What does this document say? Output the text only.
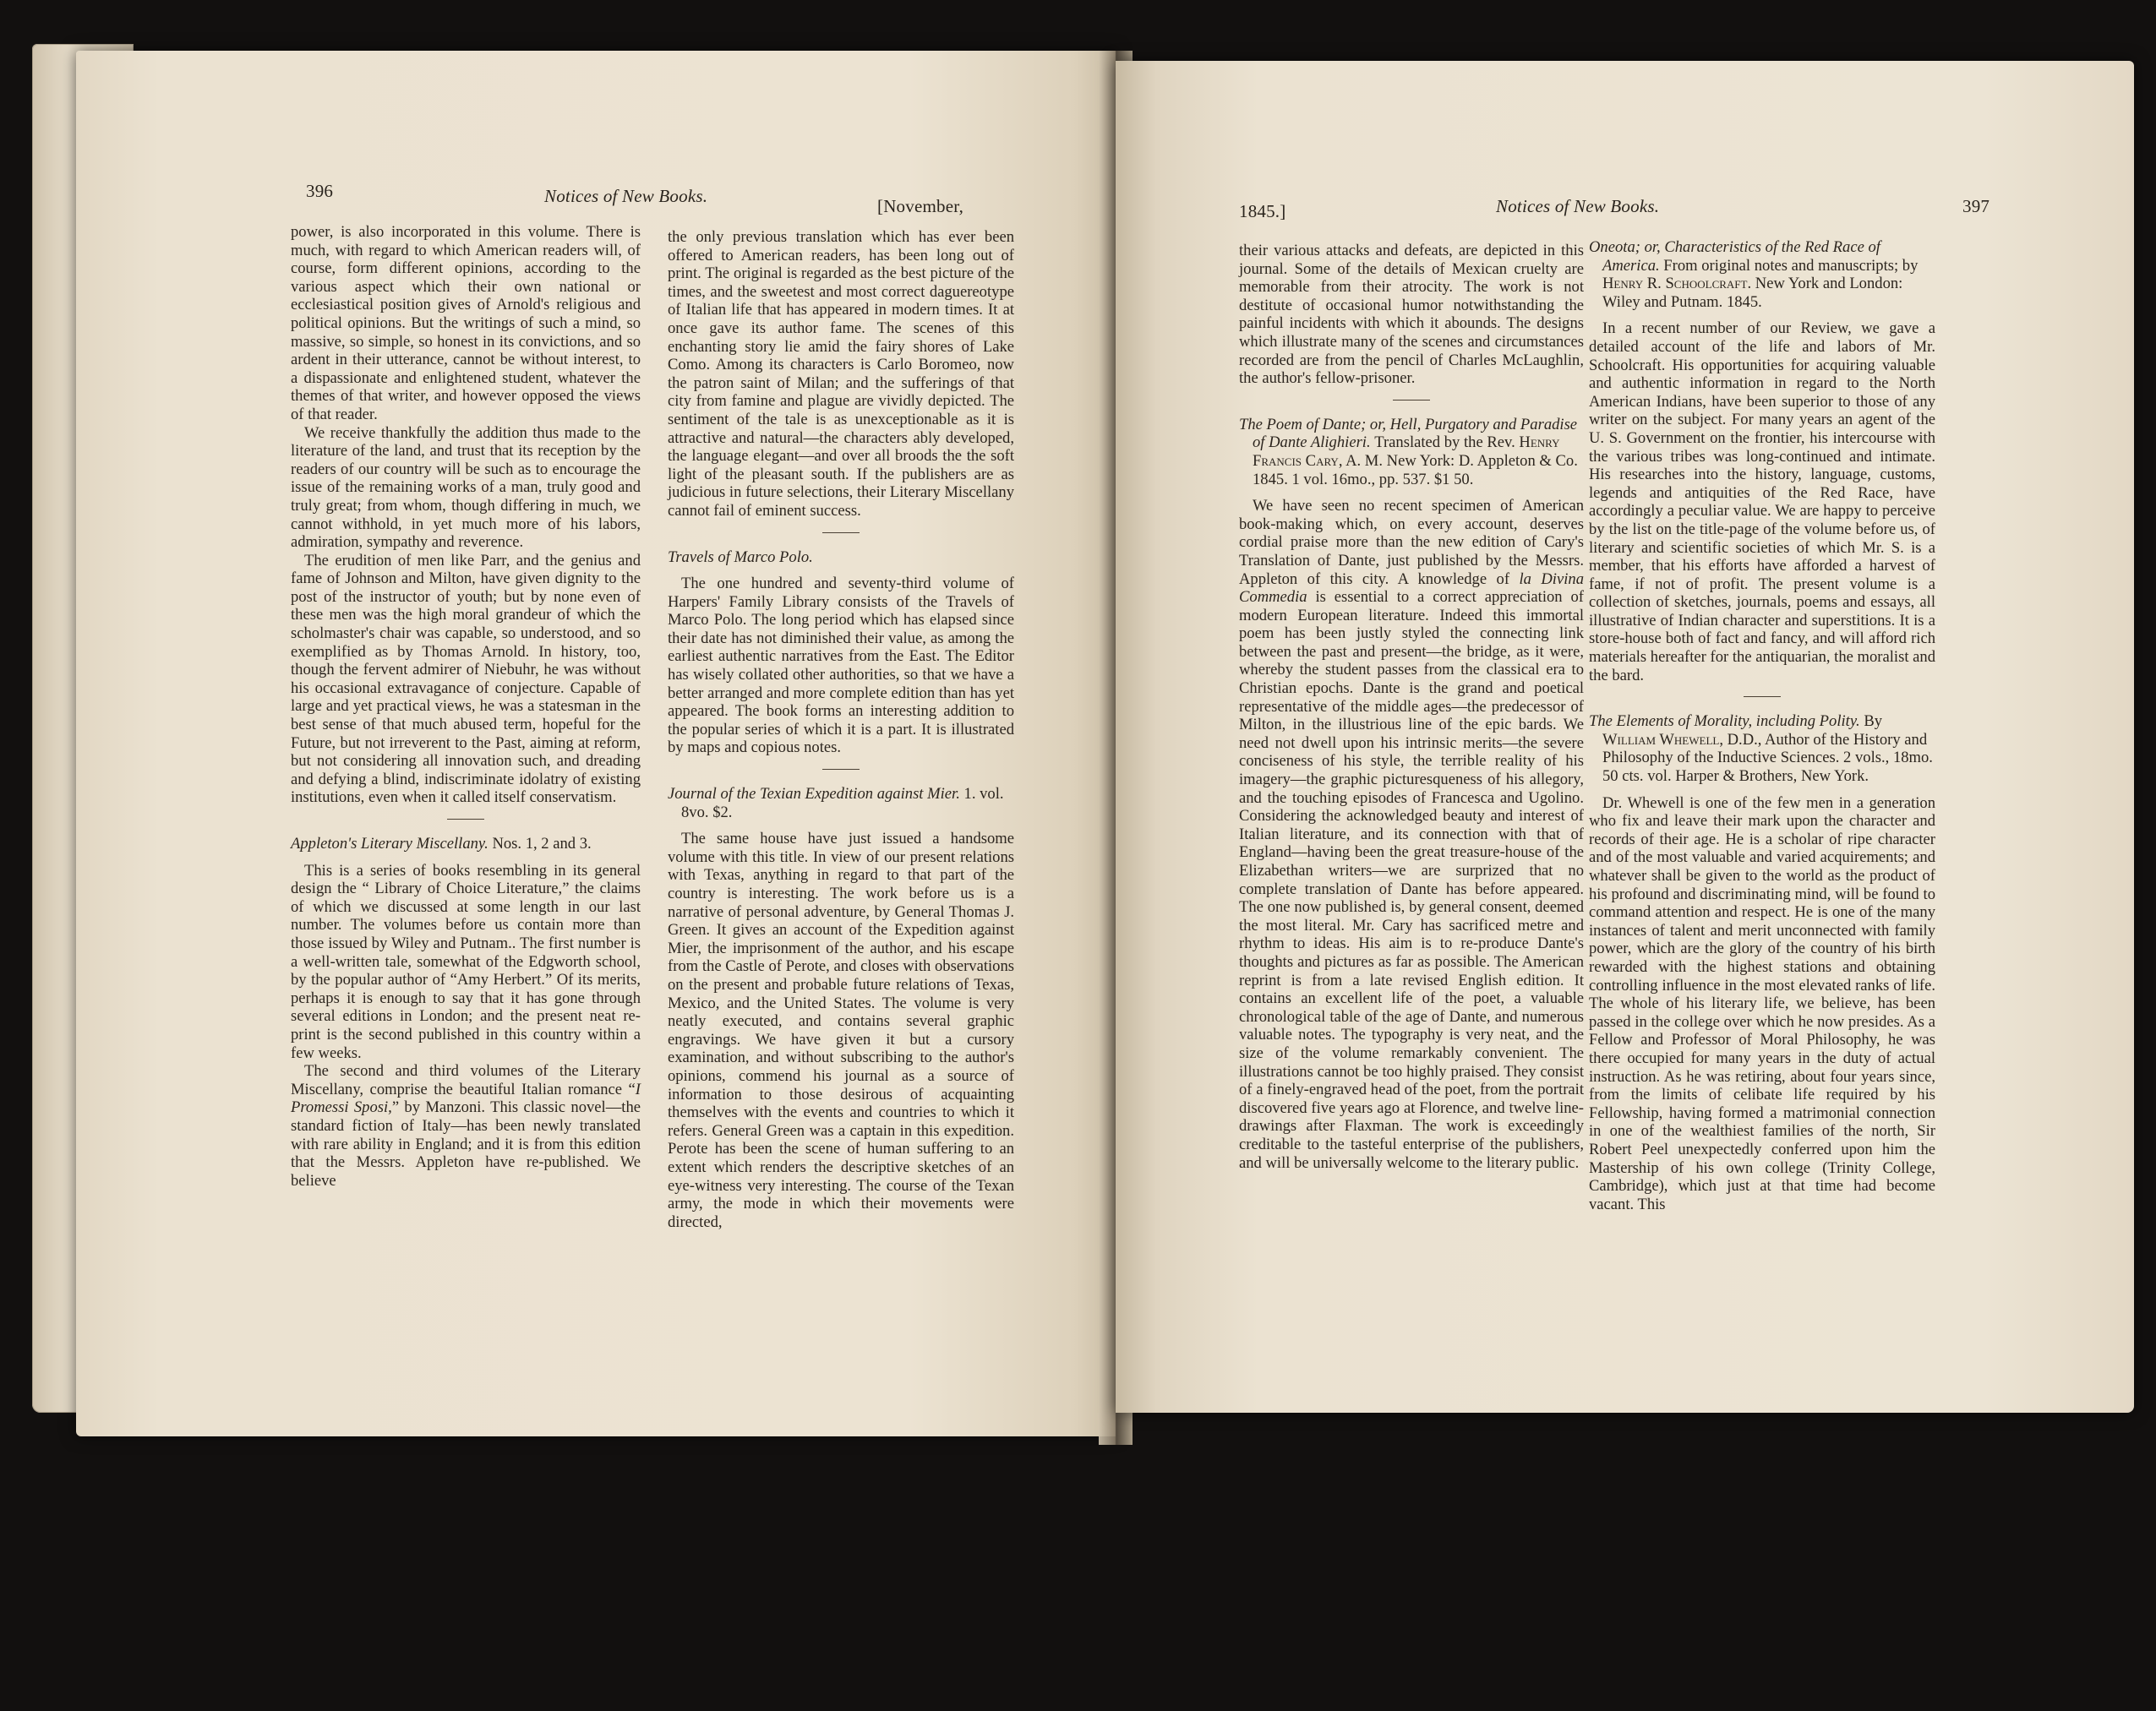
396	Notices of New Books.	[November,

power, is also incorporated in this volume. There is much, with regard to which American readers will, of course, form different opinions, according to the various aspect which their own national or ecclesiastical position gives of Arnold's religious and political opinions. But the writings of such a mind, so massive, so simple, so honest in its convictions, and so ardent in their utterance, cannot be without interest, to a dispassionate and enlightened student, whatever the themes of that writer, and however opposed the views of that reader.

We receive thankfully the addition thus made to the literature of the land, and trust that its reception by the readers of our country will be such as to encourage the issue of the remaining works of a man, truly good and truly great; from whom, though differing in much, we cannot withhold, in yet much more of his labors, admiration, sympathy and reverence.

The erudition of men like Parr, and the genius and fame of Johnson and Milton, have given dignity to the post of the instructor of youth; but by none even of these men was the high moral grandeur of which the scholmaster's chair was capable, so understood, and so exemplified as by Thomas Arnold. In history, too, though the fervent admirer of Niebuhr, he was without his occasional extravagance of conjecture. Capable of large and yet practical views, he was a statesman in the best sense of that much abused term, hopeful for the Future, but not irreverent to the Past, aiming at reform, but not considering all innovation such, and dreading and defying a blind, indiscriminate idolatry of existing institutions, even when it called itself conservatism.

Appleton's Literary Miscellany. Nos. 1, 2 and 3.

This is a series of books resembling in its general design the “ Library of Choice Literature,” the claims of which we discussed at some length in our last number. The volumes before us contain more than those issued by Wiley and Putnam.. The first number is a well-written tale, somewhat of the Edgworth school, by the popular author of “Amy Herbert.” Of its merits, perhaps it is enough to say that it has gone through several editions in London; and the present neat re-print is the second published in this country within a few weeks.

The second and third volumes of the Literary Miscellany, comprise the beautiful Italian romance “I Promessi Sposi,” by Manzoni. This classic novel—the standard fiction of Italy—has been newly translated with rare ability in England; and it is from this edition that the Messrs. Appleton have re-published. We believe

the only previous translation which has ever been offered to American readers, has been long out of print. The original is regarded as the best picture of the times, and the sweetest and most correct daguereotype of Italian life that has appeared in modern times. It at once gave its author fame. The scenes of this enchanting story lie amid the fairy shores of Lake Como. Among its characters is Carlo Boromeo, now the patron saint of Milan; and the sufferings of that city from famine and plague are vividly depicted. The sentiment of the tale is as unexceptionable as it is attractive and natural—the characters ably developed, the language elegant—and over all broods the the soft light of the pleasant south. If the publishers are as judicious in future selections, their Literary Miscellany cannot fail of eminent success.

Travels of Marco Polo.

The one hundred and seventy-third volume of Harpers' Family Library consists of the Travels of Marco Polo. The long period which has elapsed since their date has not diminished their value, as among the earliest authentic narratives from the East. The Editor has wisely collated other authorities, so that we have a better arranged and more complete edition than has yet appeared. The book forms an interesting addition to the popular series of which it is a part. It is illustrated by maps and copious notes.

Journal of the Texian Expedition against Mier. 1. vol. 8vo. $2.

The same house have just issued a handsome volume with this title. In view of our present relations with Texas, anything in regard to that part of the country is interesting. The work before us is a narrative of personal adventure, by General Thomas J. Green. It gives an account of the Expedition against Mier, the imprisonment of the author, and his escape from the Castle of Perote, and closes with observations on the present and probable future relations of Texas, Mexico, and the United States. The volume is very neatly executed, and contains several graphic engravings. We have given it but a cursory examination, and without subscribing to the author's opinions, commend his journal as a source of information to those desirous of acquainting themselves with the events and countries to which it refers. General Green was a captain in this expedition. Perote has been the scene of human suffering to an extent which renders the descriptive sketches of an eye-witness very interesting. The course of the Texan army, the mode in which their movements were directed,

1845.]	Notices of New Books.	397

their various attacks and defeats, are depicted in this journal. Some of the details of Mexican cruelty are memorable from their atrocity. The work is not destitute of occasional humor notwithstanding the painful incidents with which it abounds. The designs which illustrate many of the scenes and circumstances recorded are from the pencil of Charles McLaughlin, the author's fellow-prisoner.

The Poem of Dante; or, Hell, Purgatory and Paradise of Dante Alighieri. Translated by the Rev. Henry Francis Cary, A. M. New York: D. Appleton & Co. 1845. 1 vol. 16mo., pp. 537. $1 50.

We have seen no recent specimen of American book-making which, on every account, deserves cordial praise more than the new edition of Cary's Translation of Dante, just published by the Messrs. Appleton of this city. A knowledge of la Divina Commedia is essential to a correct appreciation of modern European literature. Indeed this immortal poem has been justly styled the connecting link between the past and present—the bridge, as it were, whereby the student passes from the classical era to Christian epochs. Dante is the grand and poetical representative of the middle ages—the predecessor of Milton, in the illustrious line of the epic bards. We need not dwell upon his intrinsic merits—the severe conciseness of his style, the terrible reality of his imagery—the graphic picturesqueness of his allegory, and the touching episodes of Francesca and Ugolino. Considering the acknowledged beauty and interest of Italian literature, and its connection with that of England—having been the great treasure-house of the Elizabethan writers—we are surprized that no complete translation of Dante has before appeared. The one now published is, by general consent, deemed the most literal. Mr. Cary has sacrificed metre and rhythm to ideas. His aim is to re-produce Dante's thoughts and pictures as far as possible. The American reprint is from a late revised English edition. It contains an excellent life of the poet, a valuable chronological table of the age of Dante, and numerous valuable notes. The typography is very neat, and the size of the volume remarkably convenient. The illustrations cannot be too highly praised. They consist of a finely-engraved head of the poet, from the portrait discovered five years ago at Florence, and twelve line-drawings after Flaxman. The work is exceedingly creditable to the tasteful enterprise of the publishers, and will be universally welcome to the literary public.

Oneota; or, Characteristics of the Red Race of America. From original notes and manuscripts; by Henry R. Schoolcraft. New York and London: Wiley and Putnam. 1845.

In a recent number of our Review, we gave a detailed account of the life and labors of Mr. Schoolcraft. His opportunities for acquiring valuable and authentic information in regard to the North American Indians, have been superior to those of any writer on the subject. For many years an agent of the U. S. Government on the frontier, his intercourse with the various tribes was long-continued and intimate. His researches into the history, language, customs, legends and antiquities of the Red Race, have accordingly a peculiar value. We are happy to perceive by the list on the title-page of the volume before us, of literary and scientific societies of which Mr. S. is a member, that his efforts have afforded a harvest of fame, if not of profit. The present volume is a collection of sketches, journals, poems and essays, all illustrative of Indian character and superstitions. It is a store-house both of fact and fancy, and will afford rich materials hereafter for the antiquarian, the moralist and the bard.

The Elements of Morality, including Polity. By William Whewell, D.D., Author of the History and Philosophy of the Inductive Sciences. 2 vols., 18mo. 50 cts. vol. Harper & Brothers, New York.

Dr. Whewell is one of the few men in a generation who fix and leave their mark upon the character and records of their age. He is a scholar of ripe character and of the most valuable and varied acquirements; and whatever shall be given to the world as the product of his profound and discriminating mind, will be found to command attention and respect. He is one of the many instances of talent and merit unconnected with family power, which are the glory of the country of his birth rewarded with the highest stations and obtaining controlling influence in the most elevated ranks of life. The whole of his literary life, we believe, has been passed in the college over which he now presides. As a Fellow and Professor of Moral Philosophy, he was there occupied for many years in the duty of actual instruction. As he was retiring, about four years since, from the limits of celibate life required by his Fellowship, having formed a matrimonial connection in one of the wealthiest families of the north, Sir Robert Peel unexpectedly conferred upon him the Mastership of his own college (Trinity College, Cambridge), which just at that time had become vacant. This
